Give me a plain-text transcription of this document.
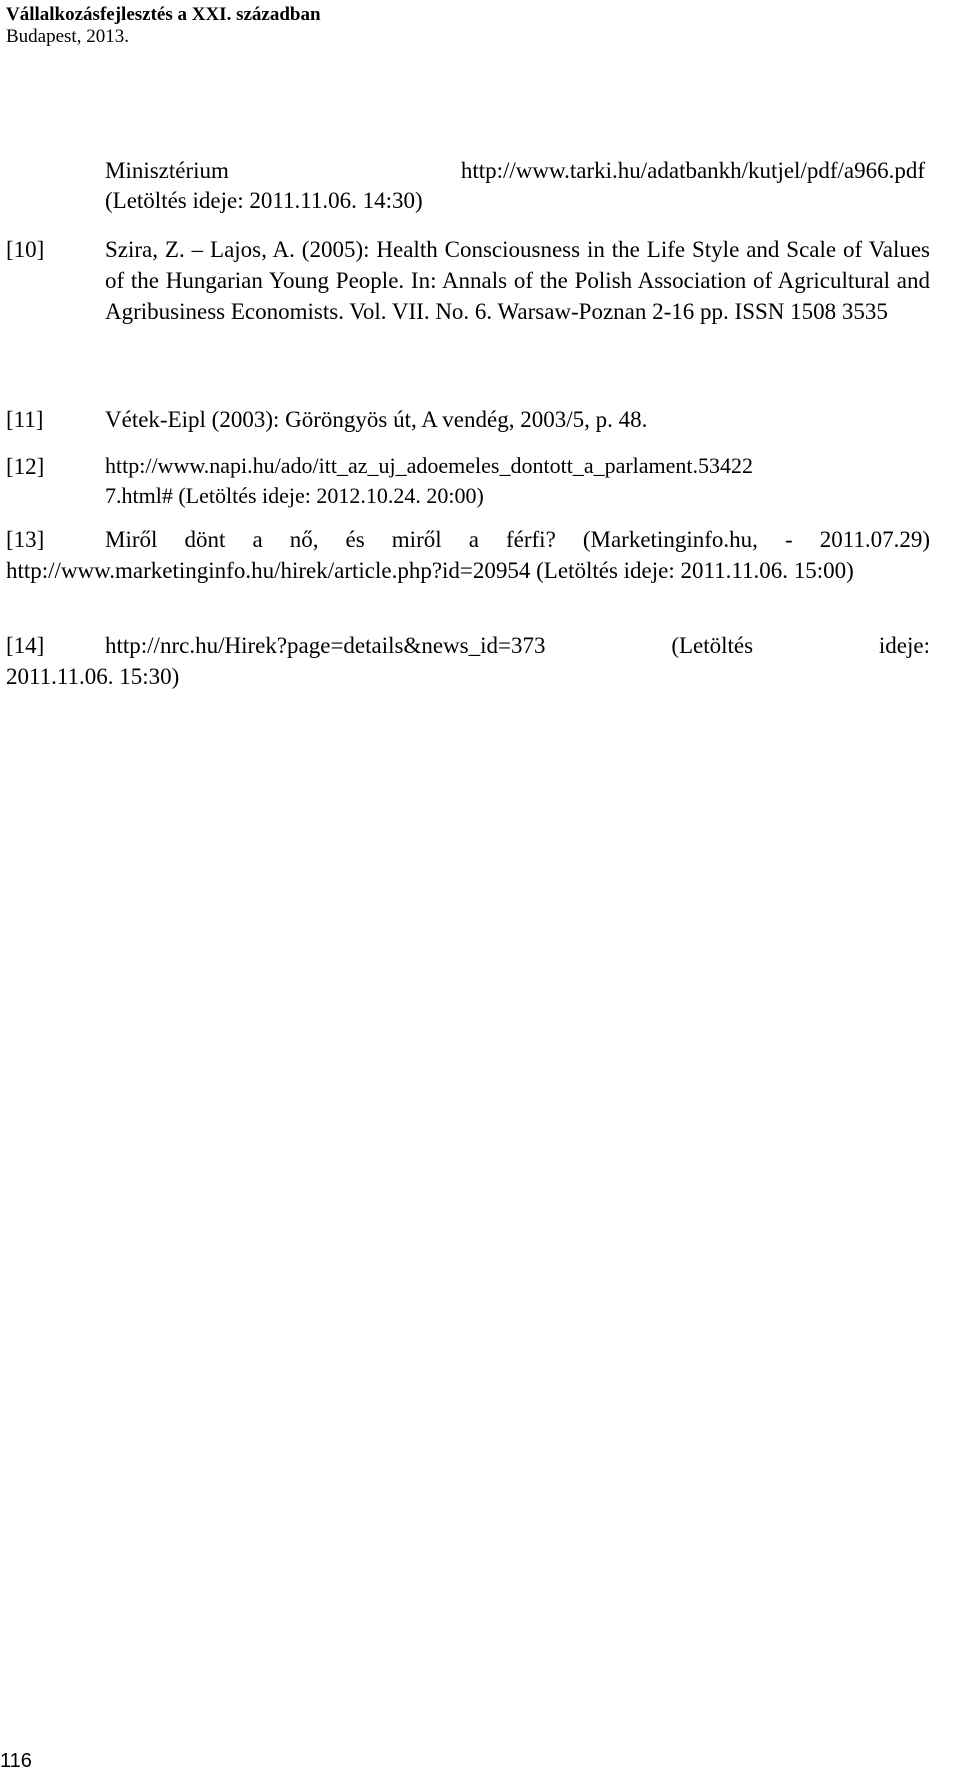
Vállalkozásfejlesztés a XXI. században
Budapest, 2013.
Minisztérium	http://www.tarki.hu/adatbankh/kutjel/pdf/a966.pdf
(Letöltés ideje: 2011.11.06. 14:30)
[10]	Szira, Z. – Lajos, A. (2005): Health Consciousness in the Life Style and Scale of Values of the Hungarian Young People. In: Annals of the Polish Association of Agricultural and Agribusiness Economists. Vol. VII. No. 6. Warsaw-Poznan 2-16 pp. ISSN 1508 3535
[11]	Vétek-Eipl (2003): Göröngyös út, A vendég, 2003/5, p. 48.
[12]	http://www.napi.hu/ado/itt_az_uj_adoemeles_dontott_a_parlament.53422
7.html# (Letöltés ideje: 2012.10.24. 20:00)
[13]	Miről dönt a nő, és miről a férfi? (Marketinginfo.hu, - 2011.07.29) http://www.marketinginfo.hu/hirek/article.php?id=20954 (Letöltés ideje: 2011.11.06. 15:00)
[14]	http://nrc.hu/Hirek?page=details&news_id=373	(Letöltés	ideje:
2011.11.06. 15:30)
116
